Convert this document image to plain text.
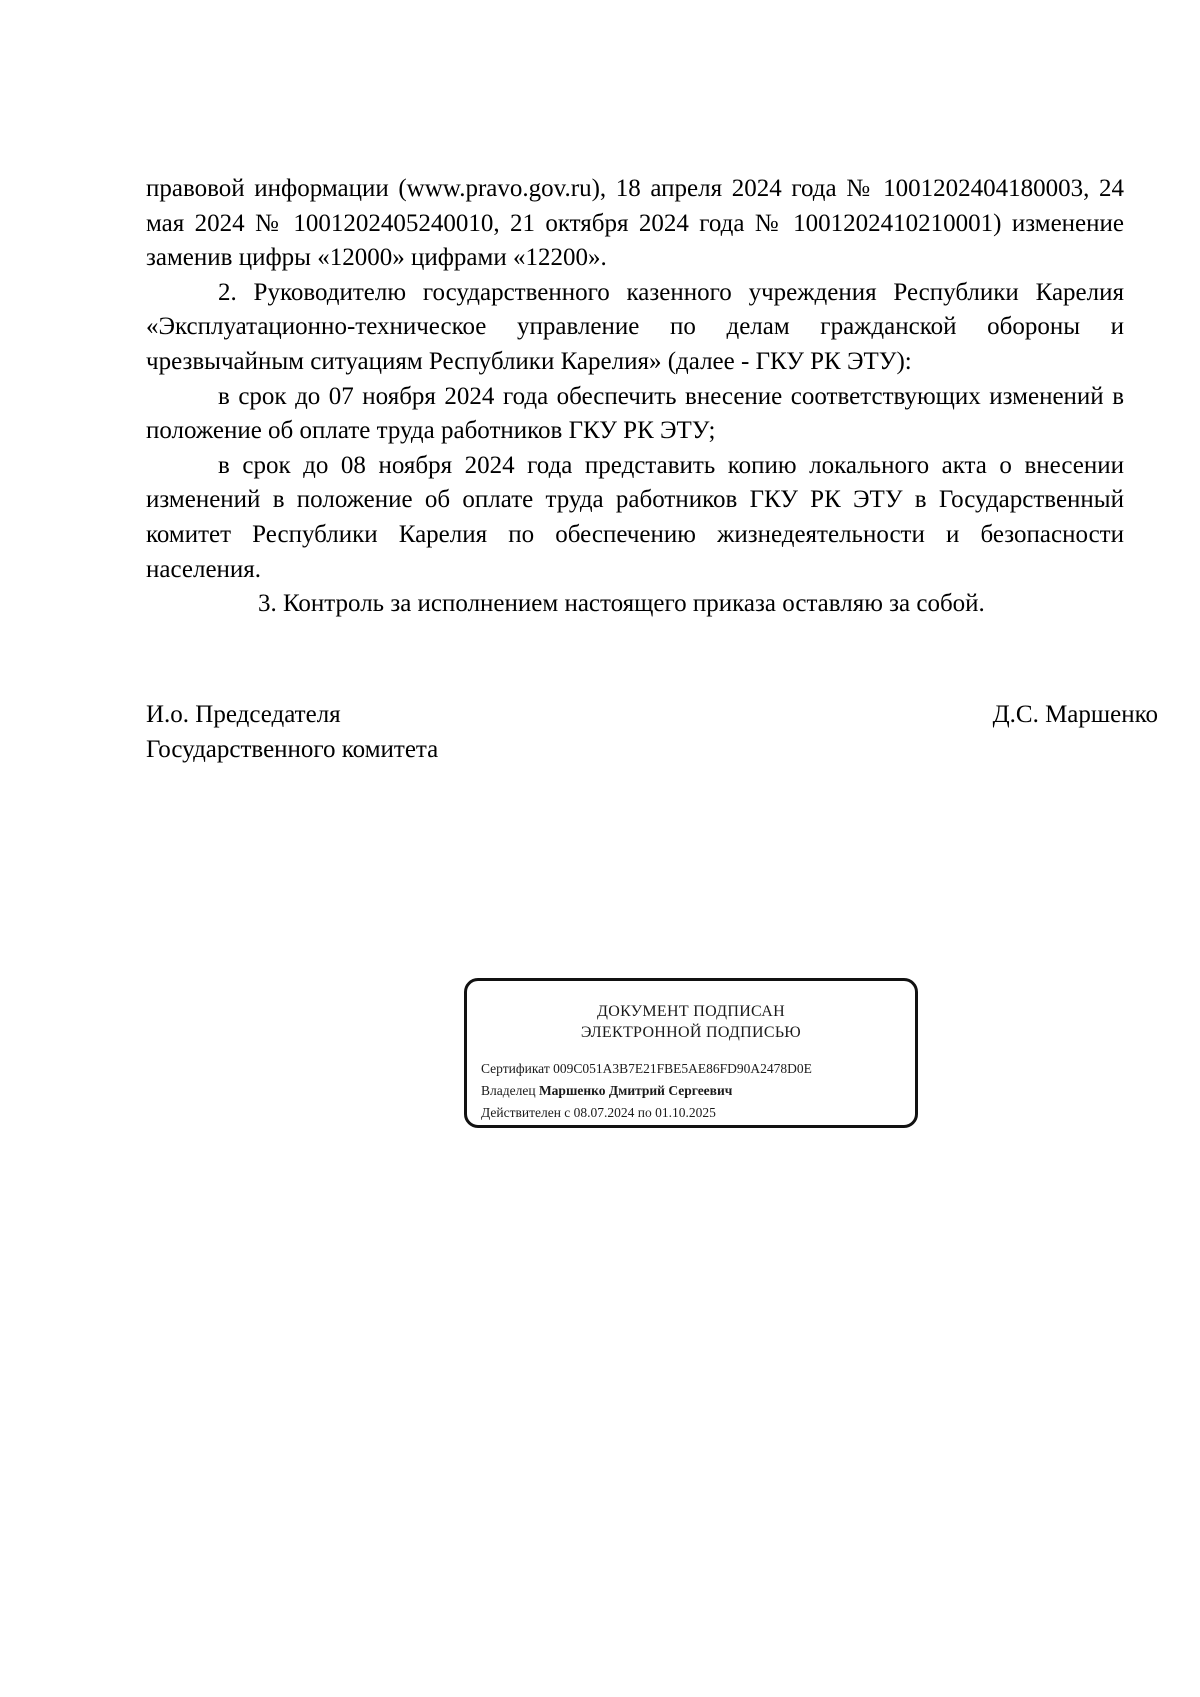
правовой информации (www.pravo.gov.ru), 18 апреля 2024 года № 1001202404180003, 24 мая 2024 № 1001202405240010, 21 октября 2024 года № 1001202410210001) изменение заменив цифры «12000» цифрами «12200».

2. Руководителю государственного казенного учреждения Республики Карелия «Эксплуатационно-техническое управление по делам гражданской обороны и чрезвычайным ситуациям Республики Карелия» (далее - ГКУ РК ЭТУ):

в срок до 07 ноября 2024 года обеспечить внесение соответствующих изменений в положение об оплате труда работников ГКУ РК ЭТУ;

в срок до 08 ноября 2024 года представить копию локального акта о внесении изменений в положение об оплате труда работников ГКУ РК ЭТУ в Государственный комитет Республики Карелия по обеспечению жизнедеятельности и безопасности населения.

3. Контроль за исполнением настоящего приказа оставляю за собой.

И.о. Председателя
Государственного комитета
Д.С. Маршенко
ДОКУМЕНТ ПОДПИСАН
ЭЛЕКТРОННОЙ ПОДПИСЬЮ
Сертификат 009C051A3B7E21FBE5AE86FD90A2478D0E
Владелец Маршенко Дмитрий Сергеевич
Действителен с 08.07.2024 по 01.10.2025
